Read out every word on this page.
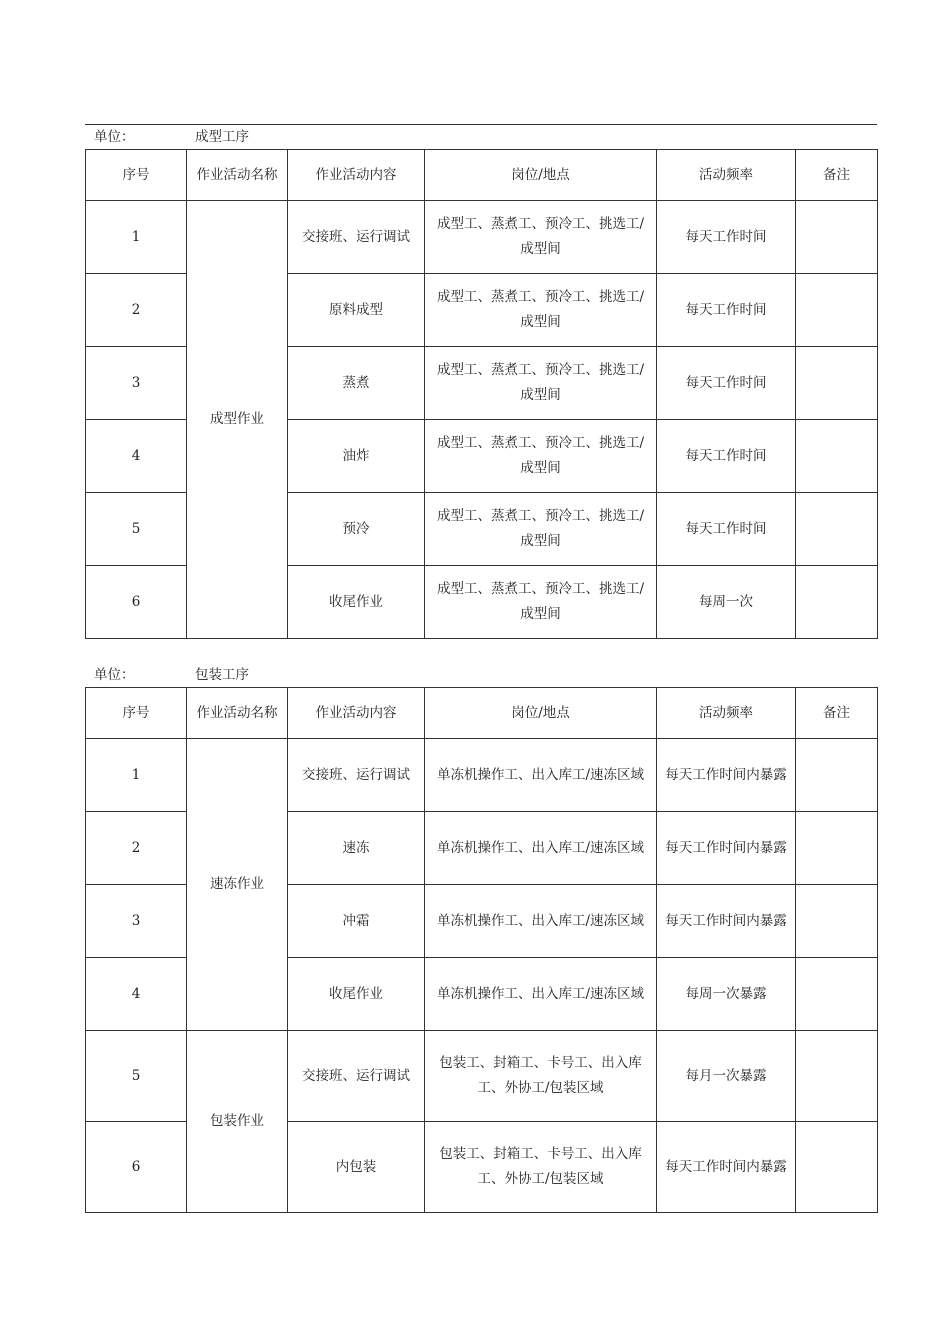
单位：	成型工序
序号	作业活动名称	作业活动内容	岗位/地点	活动频率	备注
1	成型作业	交接班、运行调试	成型工、蒸煮工、预冷工、挑选工/成型间	每天工作时间	
2		原料成型	成型工、蒸煮工、预冷工、挑选工/成型间	每天工作时间	
3		蒸煮	成型工、蒸煮工、预冷工、挑选工/成型间	每天工作时间	
4		油炸	成型工、蒸煮工、预冷工、挑选工/成型间	每天工作时间	
5		预冷	成型工、蒸煮工、预冷工、挑选工/成型间	每天工作时间	
6		收尾作业	成型工、蒸煮工、预冷工、挑选工/成型间	每周一次	
单位：	包装工序
序号	作业活动名称	作业活动内容	岗位/地点	活动频率	备注
1	速冻作业	交接班、运行调试	单冻机操作工、出入库工/速冻区域	每天工作时间内暴露	
2		速冻	单冻机操作工、出入库工/速冻区域	每天工作时间内暴露	
3		冲霜	单冻机操作工、出入库工/速冻区域	每天工作时间内暴露	
4		收尾作业	单冻机操作工、出入库工/速冻区域	每周一次暴露	
5	包装作业	交接班、运行调试	包装工、封箱工、卡号工、出入库工、外协工/包装区域	每月一次暴露	
6		内包装	包装工、封箱工、卡号工、出入库工、外协工/包装区域	每天工作时间内暴露	
